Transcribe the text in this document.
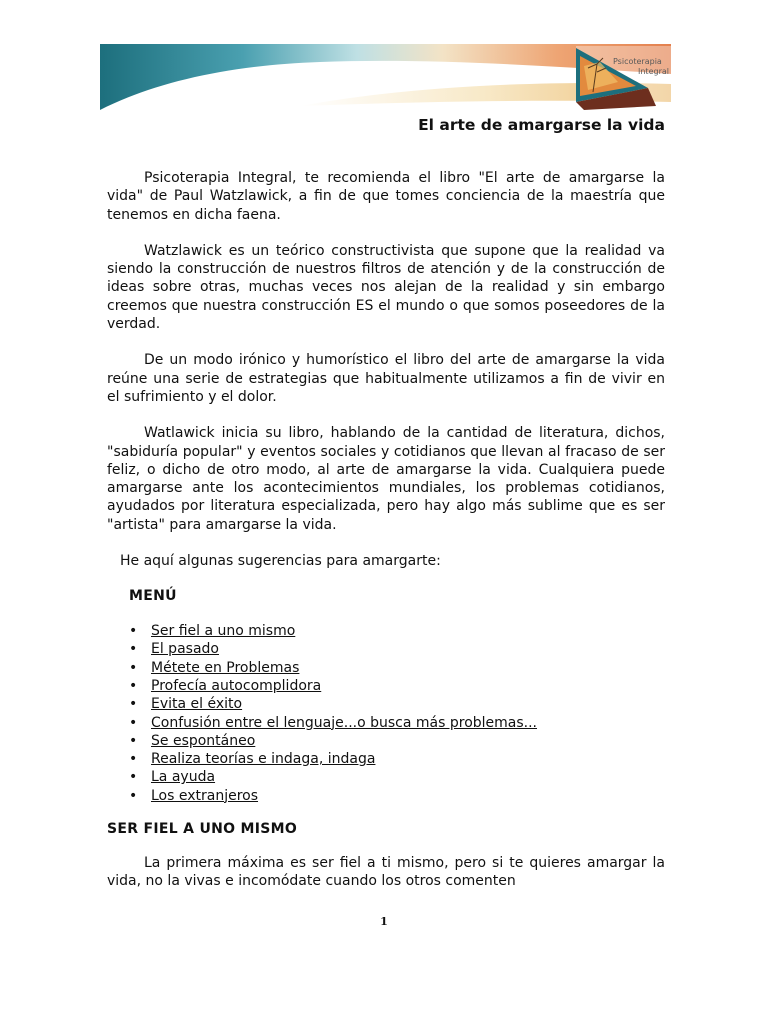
Psicoterapia
Integral
El arte de amargarse la vida

Psicoterapia Integral, te recomienda el libro "El arte de amargarse la vida" de Paul Watzlawick, a fin de que tomes conciencia de la maestría que tenemos en dicha faena.

Watzlawick es un teórico constructivista que supone que la realidad va siendo la construcción de nuestros filtros de atención y de la construcción de ideas sobre otras, muchas veces nos alejan de la realidad y sin embargo creemos que nuestra construcción ES el mundo o que somos poseedores de la verdad.

De un modo irónico y humorístico el libro del arte de amargarse la vida reúne una serie de estrategias que habitualmente utilizamos a fin de vivir en el sufrimiento y el dolor.

Watlawick inicia su libro, hablando de la cantidad de literatura, dichos, "sabiduría popular" y eventos sociales y cotidianos que llevan al fracaso de ser feliz, o dicho de otro modo, al arte de amargarse la vida. Cualquiera puede amargarse ante los acontecimientos mundiales, los problemas cotidianos, ayudados por literatura especializada, pero hay algo más sublime que es ser "artista" para amargarse la vida.

He aquí algunas sugerencias para amargarte:

MENÚ

• Ser fiel a uno mismo
• El pasado
• Métete en Problemas
• Profecía autocomplidora
• Evita el éxito
• Confusión entre el lenguaje...o busca más problemas...
• Se espontáneo
• Realiza teorías e indaga, indaga
• La ayuda
• Los extranjeros

SER FIEL A UNO MISMO

La primera máxima es ser fiel a ti mismo, pero si te quieres amargar la vida, no la vivas e incomódate cuando los otros comenten

1
